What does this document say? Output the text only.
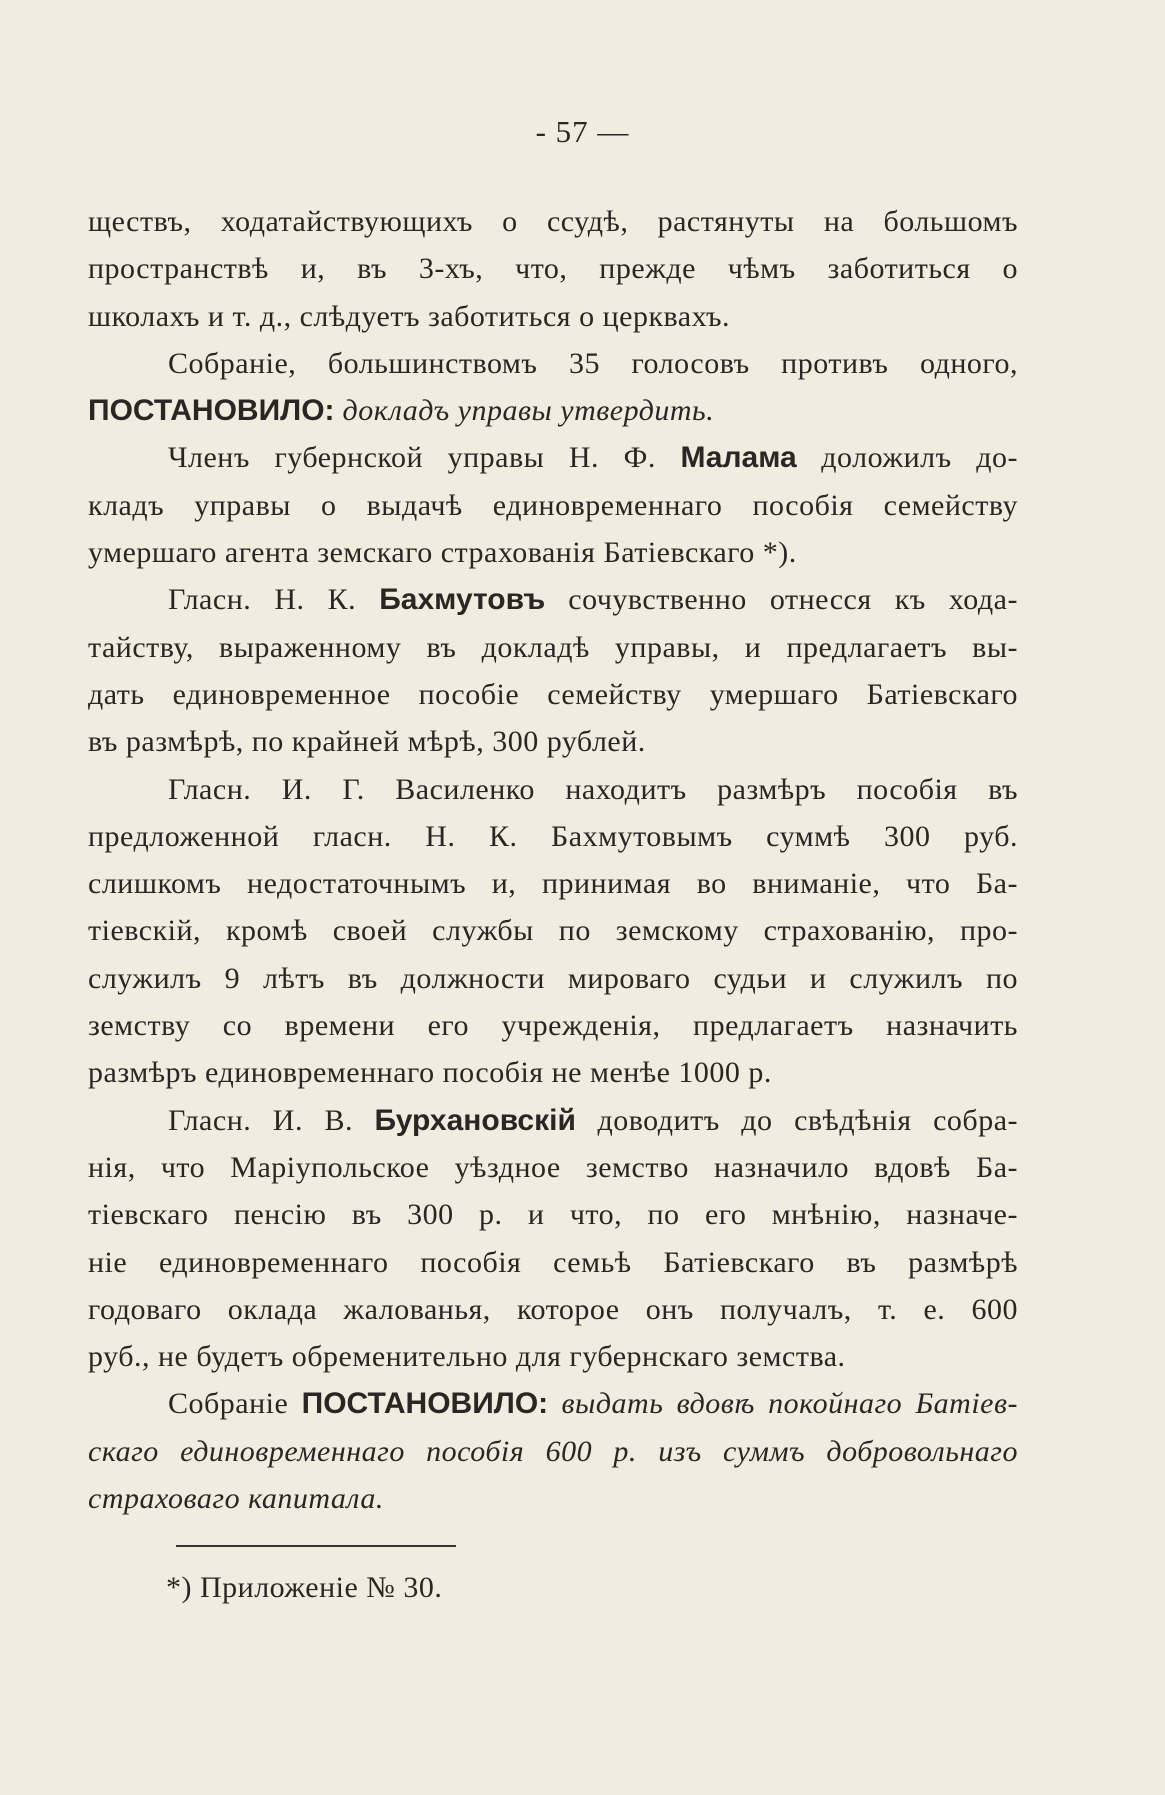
- 57 —
ществъ, ходатайствующихъ о ссудѣ, растянуты на большомъ
пространствѣ и, въ 3-хъ, что, прежде чѣмъ заботиться о
школахъ и т. д., слѣдуетъ заботиться о церквахъ.
Собраніе, большинствомъ 35 голосовъ противъ одного,
ПОСТАНОВИЛО: докладъ управы утвердить.
Членъ губернской управы Н. Ф. Малама доложилъ до-
кладъ управы о выдачѣ единовременнаго пособія семейству
умершаго агента земскаго страхованія Батіевскаго *).
Гласн. Н. К. Бахмутовъ сочувственно отнесся къ хода-
тайству, выраженному въ докладѣ управы, и предлагаетъ вы-
дать единовременное пособіе семейству умершаго Батіевскаго
въ размѣрѣ, по крайней мѣрѣ, 300 рублей.
Гласн. И. Г. Василенко находитъ размѣръ пособія въ
предложенной гласн. Н. К. Бахмутовымъ суммѣ 300 руб.
слишкомъ недостаточнымъ и, принимая во вниманіе, что Ба-
тіевскій, кромѣ своей службы по земскому страхованію, про-
служилъ 9 лѣтъ въ должности мироваго судьи и служилъ по
земству со времени его учрежденія, предлагаетъ назначить
размѣръ единовременнаго пособія не менѣе 1000 р.
Гласн. И. В. Бурхановскій доводитъ до свѣдѣнія собра-
нія, что Маріупольское уѣздное земство назначило вдовѣ Ба-
тіевскаго пенсію въ 300 р. и что, по его мнѣнію, назначе-
ніе единовременнаго пособія семьѣ Батіевскаго въ размѣрѣ
годоваго оклада жалованья, которое онъ получалъ, т. е. 600
руб., не будетъ обременительно для губернскаго земства.
Собраніе ПОСТАНОВИЛО: выдать вдовѣ покойнаго Батіев-
скаго единовременнаго пособія 600 р. изъ суммъ добровольнаго
страховаго капитала.
*) Приложеніе № 30.
